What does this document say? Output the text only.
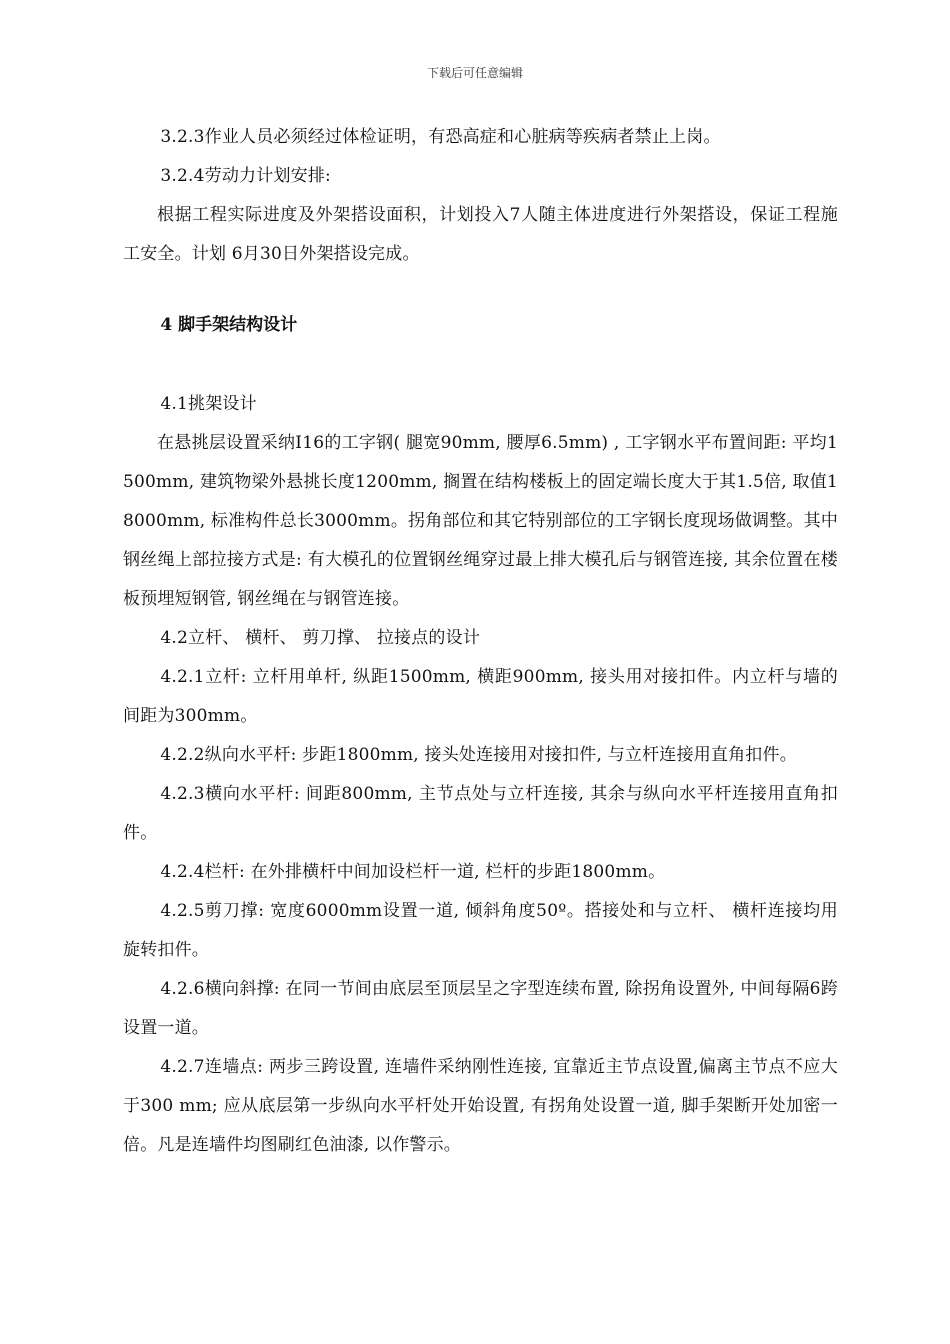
下载后可任意编辑

3.2.3作业人员必须经过体检证明，有恐高症和心脏病等疾病者禁止上岗。

3.2.4劳动力计划安排:

根据工程实际进度及外架搭设面积，计划投入7人随主体进度进行外架搭设，保证工程施工安全。计划 6月30日外架搭设完成。

4 脚手架结构设计

4.1挑架设计

在悬挑层设置采纳I16的工字钢( 腿宽90mm, 腰厚6.5mm) , 工字钢水平布置间距: 平均1500mm, 建筑物梁外悬挑长度1200mm, 搁置在结构楼板上的固定端长度大于其1.5倍, 取值18000mm, 标准构件总长3000mm。拐角部位和其它特别部位的工字钢长度现场做调整。其中钢丝绳上部拉接方式是: 有大模孔的位置钢丝绳穿过最上排大模孔后与钢管连接, 其余位置在楼板预埋短钢管, 钢丝绳在与钢管连接。

4.2立杆、 横杆、 剪刀撑、 拉接点的设计

4.2.1立杆: 立杆用单杆, 纵距1500mm, 横距900mm, 接头用对接扣件。内立杆与墙的间距为300mm。

4.2.2纵向水平杆: 步距1800mm, 接头处连接用对接扣件, 与立杆连接用直角扣件。

4.2.3横向水平杆: 间距800mm, 主节点处与立杆连接, 其余与纵向水平杆连接用直角扣件。

4.2.4栏杆: 在外排横杆中间加设栏杆一道, 栏杆的步距1800mm。

4.2.5剪刀撑: 宽度6000mm设置一道, 倾斜角度50º。搭接处和与立杆、 横杆连接均用旋转扣件。

4.2.6横向斜撑: 在同一节间由底层至顶层呈之字型连续布置, 除拐角设置外, 中间每隔6跨设置一道。

4.2.7连墙点: 两步三跨设置, 连墙件采纳刚性连接, 宜靠近主节点设置,偏离主节点不应大于300 mm; 应从底层第一步纵向水平杆处开始设置, 有拐角处设置一道, 脚手架断开处加密一倍。凡是连墙件均图刷红色油漆, 以作警示。
